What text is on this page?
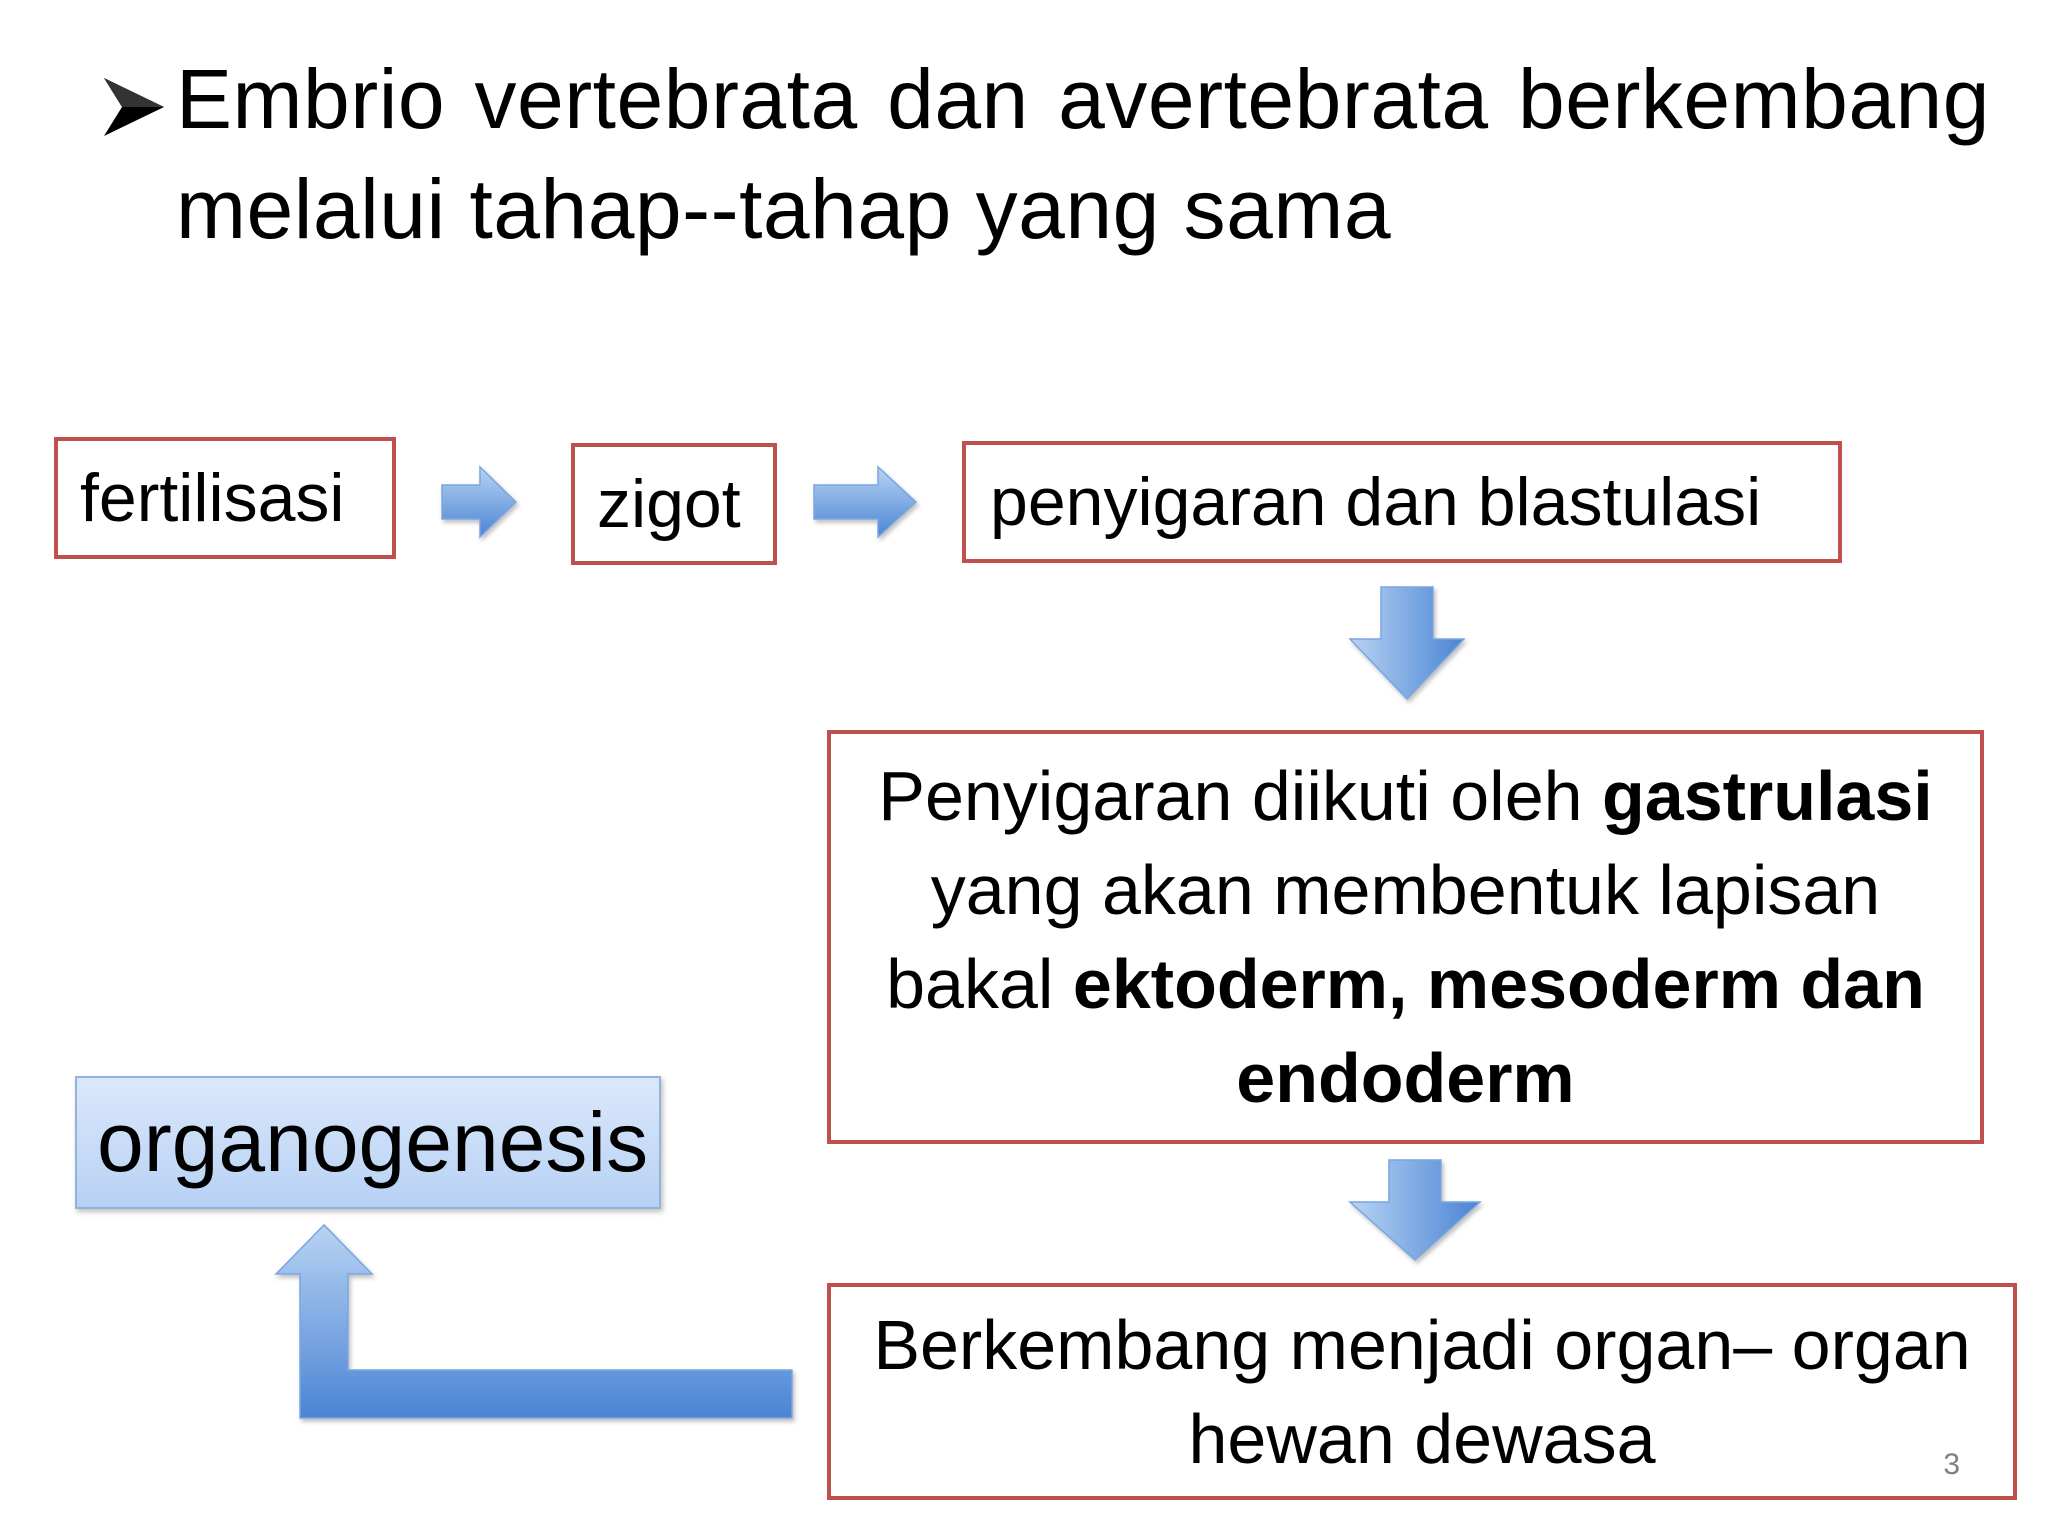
Embrio vertebrata dan avertebrata berkembang melalui tahap--tahap yang sama
fertilisasi	zigot	penyigaran dan blastulasi
Penyigaran diikuti oleh gastrulasi yang akan membentuk lapisan bakal ektoderm, mesoderm dan endoderm
Berkembang menjadi organ– organ hewan dewasa
organogenesis
3
